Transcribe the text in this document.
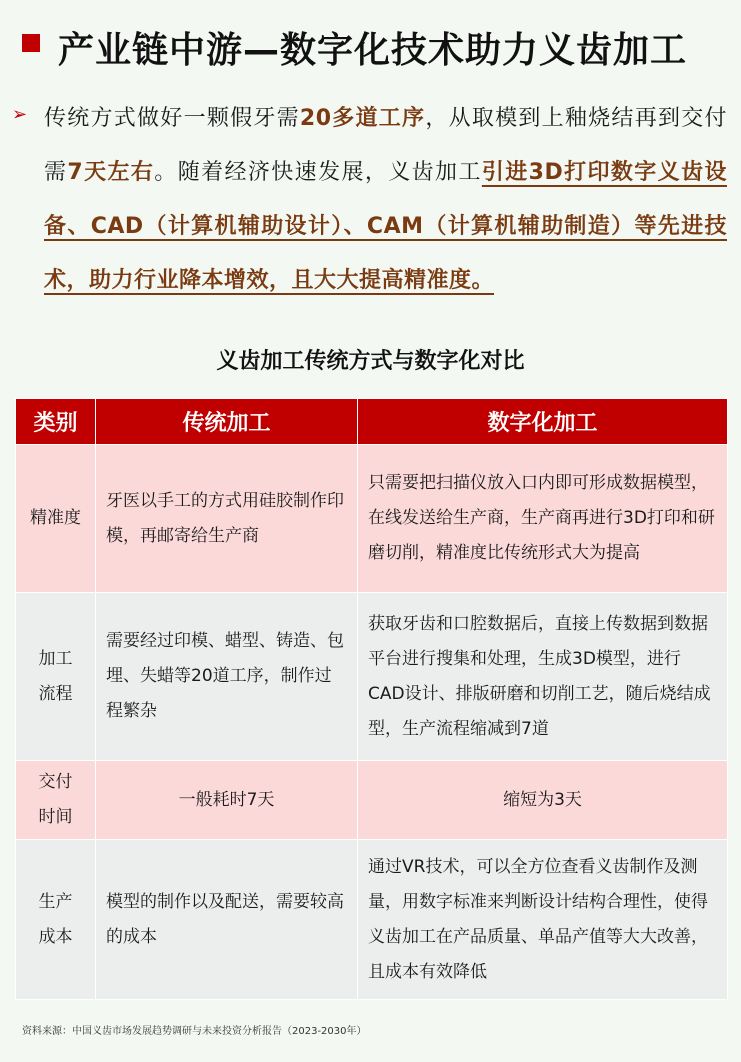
产业链中游—数字化技术助力义齿加工
➢ 传统方式做好一颗假牙需20多道工序，从取模到上釉烧结再到交付需7天左右。随着经济快速发展，义齿加工引进3D打印数字义齿设备、CAD（计算机辅助设计）、CAM（计算机辅助制造）等先进技术，助力行业降本增效，且大大提高精准度。
义齿加工传统方式与数字化对比
类别	传统加工	数字化加工
精准度	牙医以手工的方式用硅胶制作印模，再邮寄给生产商	只需要把扫描仪放入口内即可形成数据模型，在线发送给生产商，生产商再进行3D打印和研磨切削，精准度比传统形式大为提高
加工流程	需要经过印模、蜡型、铸造、包埋、失蜡等20道工序，制作过程繁杂	获取牙齿和口腔数据后，直接上传数据到数据平台进行搜集和处理，生成3D模型，进行CAD设计、排版研磨和切削工艺，随后烧结成型，生产流程缩减到7道
交付时间	一般耗时7天	缩短为3天
生产成本	模型的制作以及配送，需要较高的成本	通过VR技术，可以全方位查看义齿制作及测量，用数字标准来判断设计结构合理性，使得义齿加工在产品质量、单品产值等大大改善，且成本有效降低
资料来源：中国义齿市场发展趋势调研与未来投资分析报告（2023-2030年）
